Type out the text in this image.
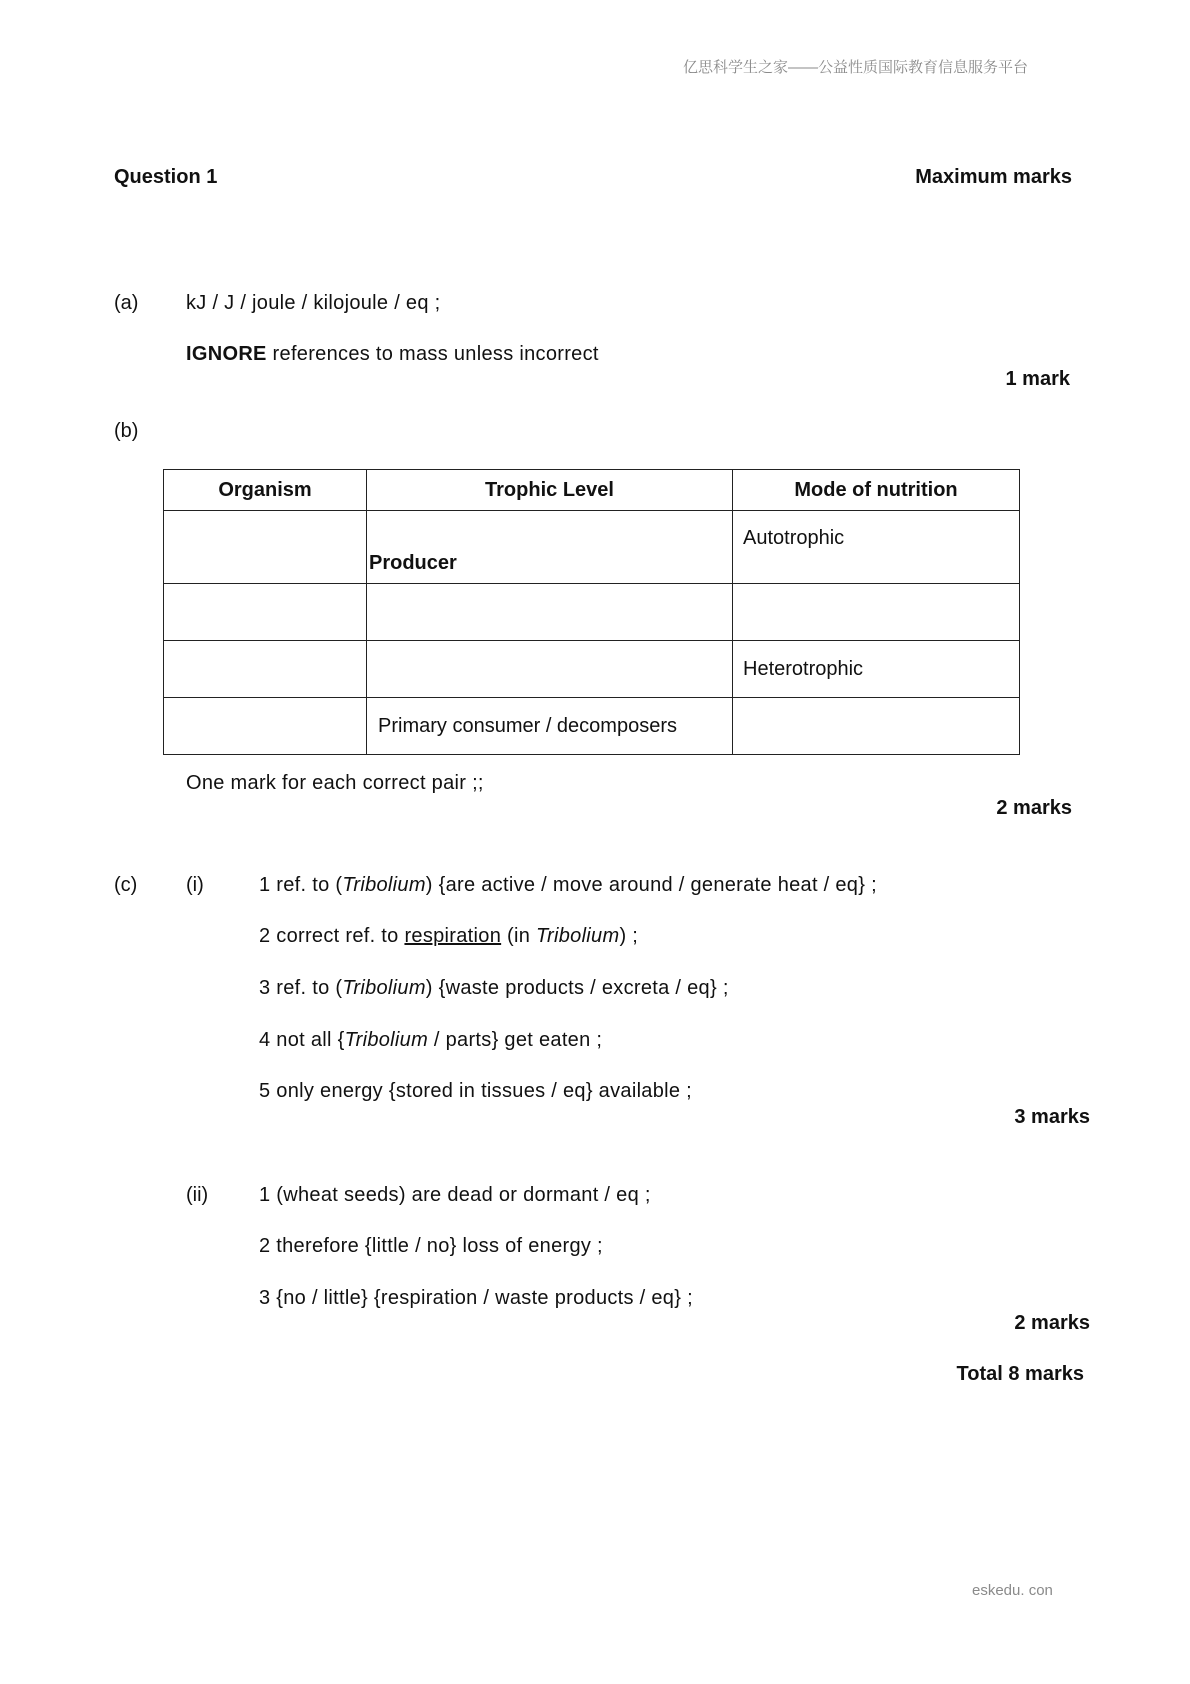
亿思科学生之家——公益性质国际教育信息服务平台
eskedu. con
Question 1	Maximum marks
(a) kJ / J / joule / kilojoule / eq ;
IGNORE references to mass unless incorrect
1 mark
(b)
Organism	Trophic Level	Mode of nutrition
	Producer	Autotrophic

		Heterotrophic
	Primary consumer / decomposers	
One mark for each correct pair ;;
2 marks
(c) (i)	1 ref. to (Tribolium) {are active / move around / generate heat / eq} ;
2 correct ref. to respiration (in Tribolium) ;
3 ref. to (Tribolium) {waste products / excreta / eq} ;
4 not all {Tribolium / parts} get eaten ;
5 only energy {stored in tissues / eq} available ;
3 marks
(ii)	1 (wheat seeds) are dead or dormant / eq ;
2 therefore {little / no} loss of energy ;
3 {no / little} {respiration / waste products / eq} ;
2 marks
Total 8 marks
